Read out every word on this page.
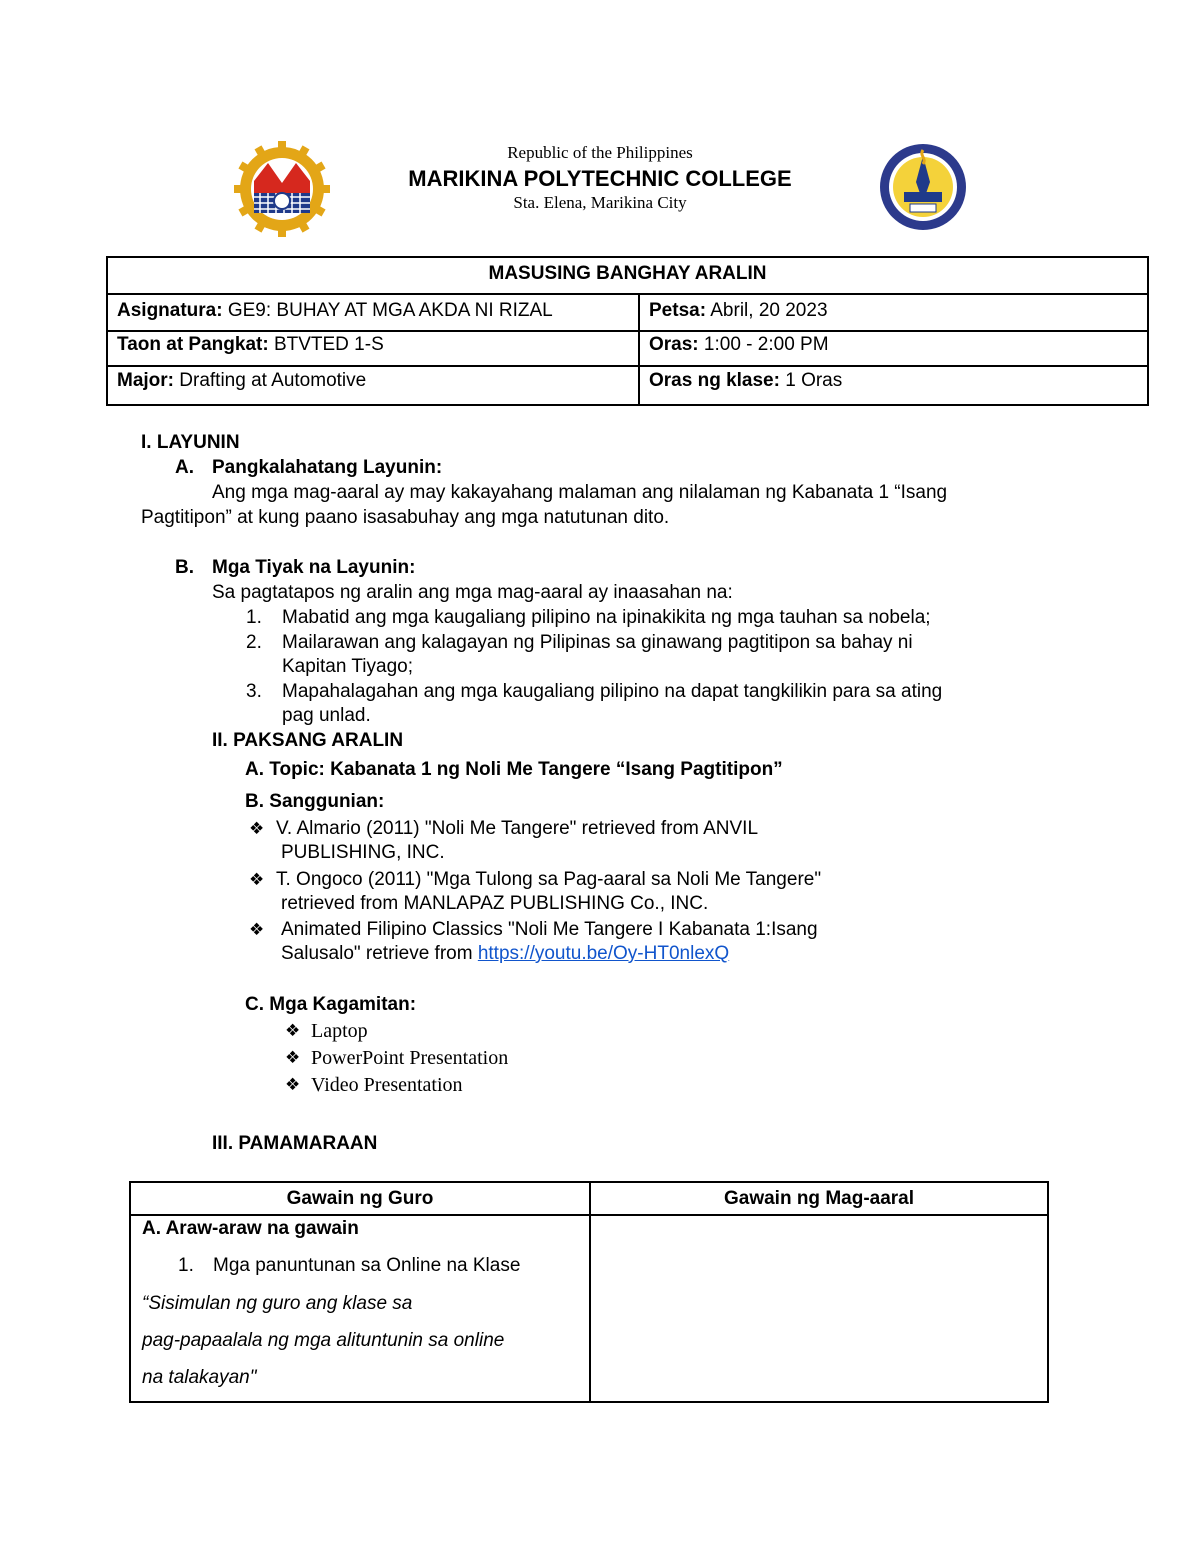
Republic of the Philippines
MARIKINA POLYTECHNIC COLLEGE
Sta. Elena, Marikina City
MASUSING BANGHAY ARALIN
Asignatura: GE9: BUHAY AT MGA AKDA NI RIZAL	Petsa: Abril, 20 2023
Taon at Pangkat: BTVTED 1-S	Oras: 1:00 - 2:00 PM
Major: Drafting at Automotive	Oras ng klase: 1 Oras
I. LAYUNIN
A. Pangkalahatang Layunin:
Ang mga mag-aaral ay may kakayahang malaman ang nilalaman ng Kabanata 1 “Isang
Pagtitipon” at kung paano isasabuhay ang mga natutunan dito.
B. Mga Tiyak na Layunin:
Sa pagtatapos ng aralin ang mga mag-aaral ay inaasahan na:
1. Mabatid ang mga kaugaliang pilipino na ipinakikita ng mga tauhan sa nobela;
2. Mailarawan ang kalagayan ng Pilipinas sa ginawang pagtitipon sa bahay ni
Kapitan Tiyago;
3. Mapahalagahan ang mga kaugaliang pilipino na dapat tangkilikin para sa ating
pag unlad.
II. PAKSANG ARALIN
A. Topic: Kabanata 1 ng Noli Me Tangere “Isang Pagtitipon”
B. Sanggunian:
❖ V. Almario (2011) "Noli Me Tangere" retrieved from ANVIL
PUBLISHING, INC.
❖ T. Ongoco (2011) "Mga Tulong sa Pag-aaral sa Noli Me Tangere"
retrieved from MANLAPAZ PUBLISHING Co., INC.
❖ Animated Filipino Classics "Noli Me Tangere I Kabanata 1:Isang
Salusalo" retrieve from https://youtu.be/Oy-HT0nlexQ
C. Mga Kagamitan:
❖ Laptop
❖ PowerPoint Presentation
❖ Video Presentation
III. PAMAMARAAN
Gawain ng Guro	Gawain ng Mag-aaral
A. Araw-araw na gawain
1. Mga panuntunan sa Online na Klase
“Sisimulan ng guro ang klase sa
pag-papaalala ng mga alituntunin sa online
na talakayan"
